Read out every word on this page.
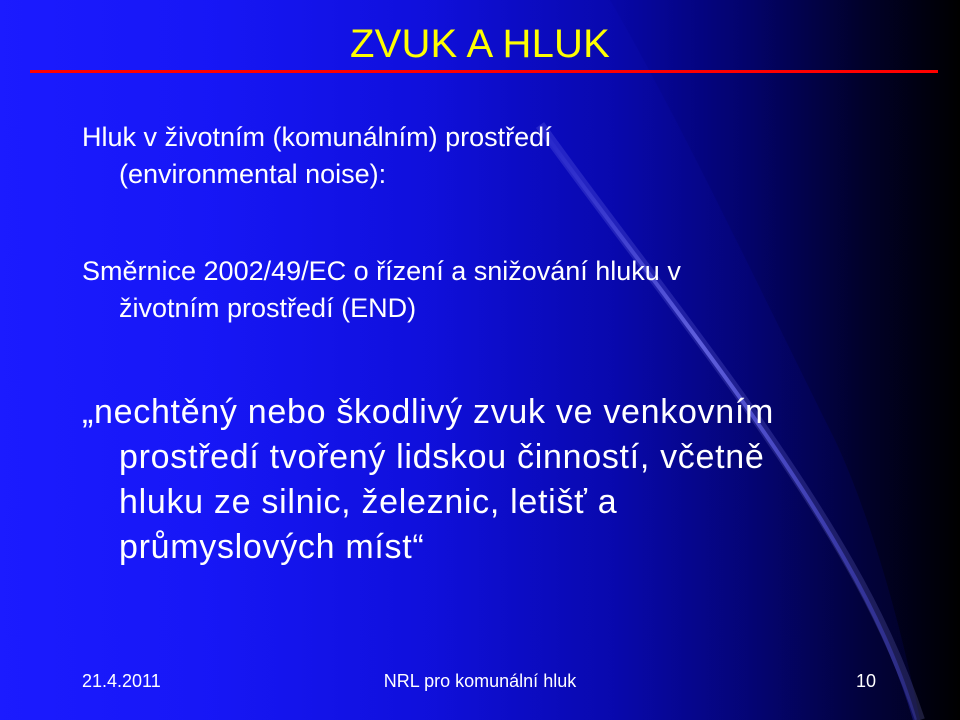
ZVUK A HLUK
Hluk v životním (komunálním) prostředí
(environmental noise):
Směrnice 2002/49/EC o řízení a snižování hluku v
životním prostředí (END)
„nechtěný nebo škodlivý zvuk ve venkovním
prostředí tvořený lidskou činností, včetně
hluku ze silnic, železnic, letišť a
průmyslových míst“
21.4.2011	NRL pro komunální hluk	10
